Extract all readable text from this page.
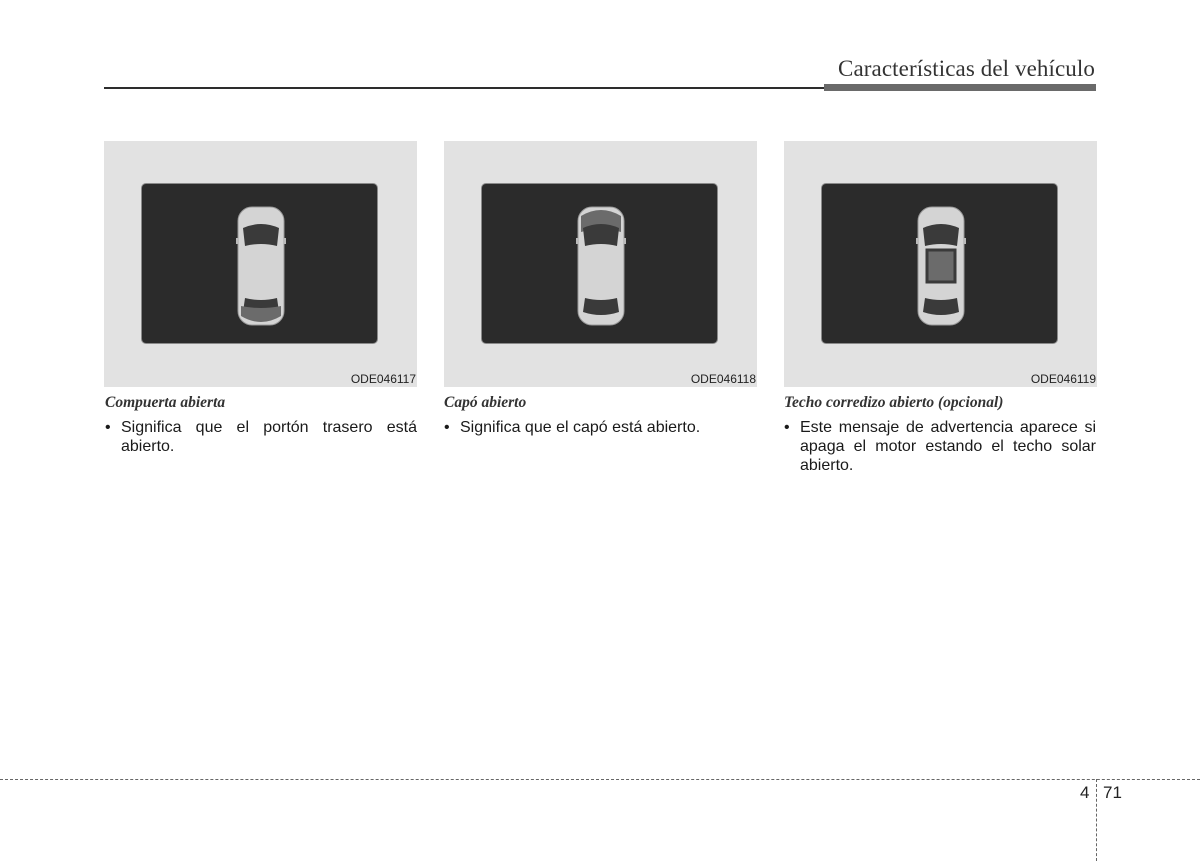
Características del vehículo
ODE046117
Compuerta abierta
• Significa que el portón trasero está abierto.
ODE046118
Capó abierto
• Significa que el capó está abierto.
ODE046119
Techo corredizo abierto (opcional)
• Este mensaje de advertencia aparece si apaga el motor estando el techo solar abierto.
4 71
